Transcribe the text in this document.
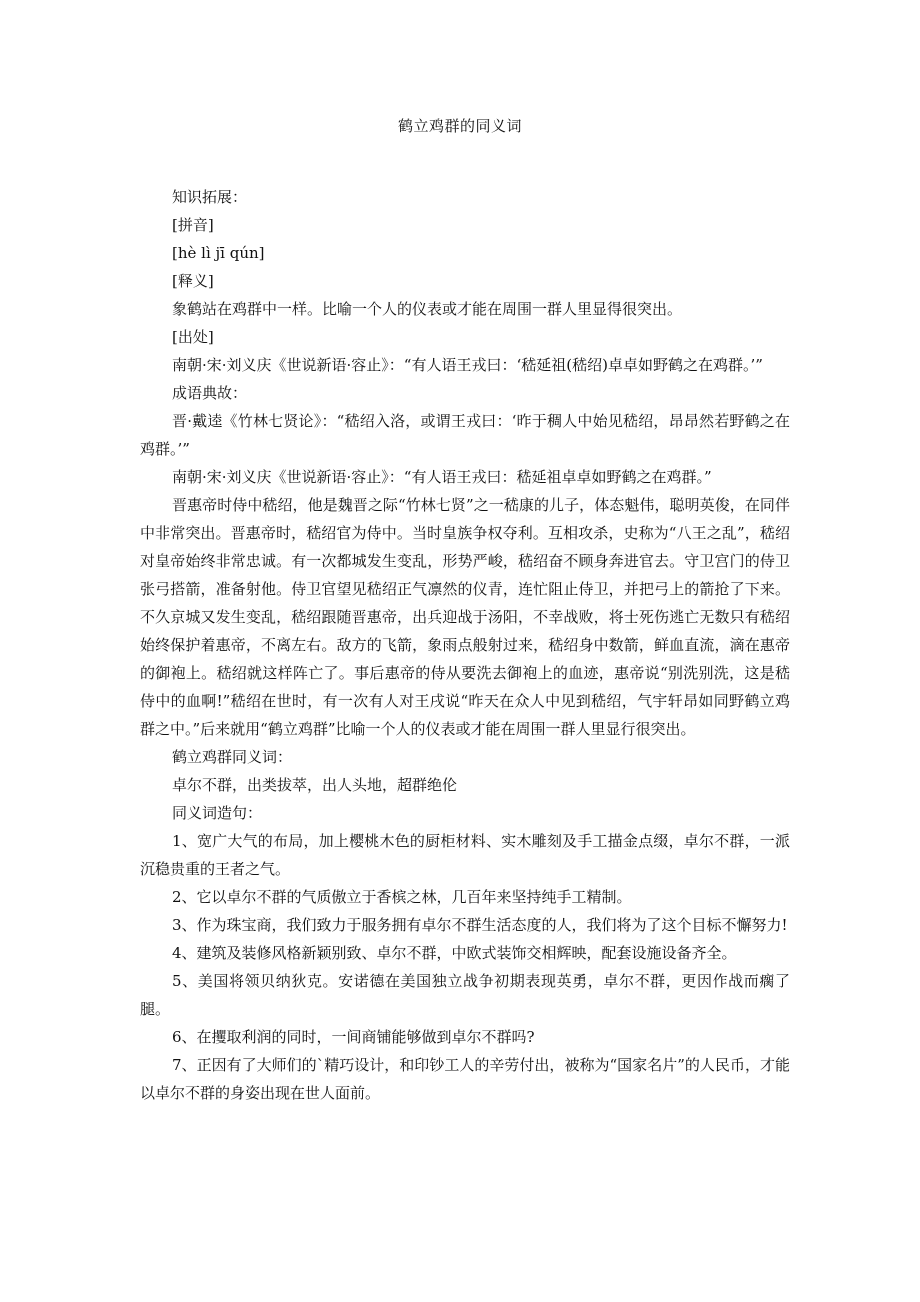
鹤立鸡群的同义词

知识拓展：

[拼音]

[hè lì jī qún]

[释义]

象鹤站在鸡群中一样。比喻一个人的仪表或才能在周围一群人里显得很突出。

[出处]

南朝·宋·刘义庆《世说新语·容止》：“有人语王戎曰：‘嵇延祖(嵇绍)卓卓如野鹤之在鸡群。’”

成语典故：

晋·戴逵《竹林七贤论》：“嵇绍入洛，或谓王戎曰：‘昨于稠人中始见嵇绍，昂昂然若野鹤之在鸡群。’”

南朝·宋·刘义庆《世说新语·容止》：“有人语王戎曰：嵇延祖卓卓如野鹤之在鸡群。”

晋惠帝时侍中嵇绍，他是魏晋之际“竹林七贤”之一嵇康的儿子，体态魁伟，聪明英俊，在同伴中非常突出。晋惠帝时，嵇绍官为侍中。当时皇族争权夺利。互相攻杀，史称为“八王之乱”，嵇绍对皇帝始终非常忠诚。有一次都城发生变乱，形势严峻，嵇绍奋不顾身奔进官去。守卫宫门的侍卫张弓搭箭，准备射他。侍卫官望见嵇绍正气凛然的仪青，连忙阻止侍卫，并把弓上的箭抢了下来。不久京城又发生变乱，嵇绍跟随晋惠帝，出兵迎战于汤阳，不幸战败，将士死伤逃亡无数只有嵇绍始终保护着惠帝，不离左右。敌方的飞箭，象雨点般射过来，嵇绍身中数箭，鲜血直流，滴在惠帝的御袍上。嵇绍就这样阵亡了。事后惠帝的侍从要洗去御袍上的血迹，惠帝说“别洗别洗，这是嵇侍中的血啊!”嵇绍在世时，有一次有人对王戌说“昨天在众人中见到嵇绍，气宇轩昂如同野鹤立鸡群之中。”后来就用“鹤立鸡群”比喻一个人的仪表或才能在周围一群人里显行很突出。

鹤立鸡群同义词：

卓尔不群，出类拔萃，出人头地，超群绝伦

同义词造句：

1、宽广大气的布局，加上樱桃木色的厨柜材料、实木雕刻及手工描金点缀，卓尔不群，一派沉稳贵重的王者之气。

2、它以卓尔不群的气质傲立于香槟之林，几百年来坚持纯手工精制。

3、作为珠宝商，我们致力于服务拥有卓尔不群生活态度的人，我们将为了这个目标不懈努力!

4、建筑及装修风格新颖别致、卓尔不群，中欧式装饰交相辉映，配套设施设备齐全。

5、美国将领贝纳狄克。安诺德在美国独立战争初期表现英勇，卓尔不群，更因作战而瘸了腿。

6、在攫取利润的同时，一间商铺能够做到卓尔不群吗?

7、正因有了大师们的`精巧设计，和印钞工人的辛劳付出，被称为“国家名片”的人民币，才能以卓尔不群的身姿出现在世人面前。
